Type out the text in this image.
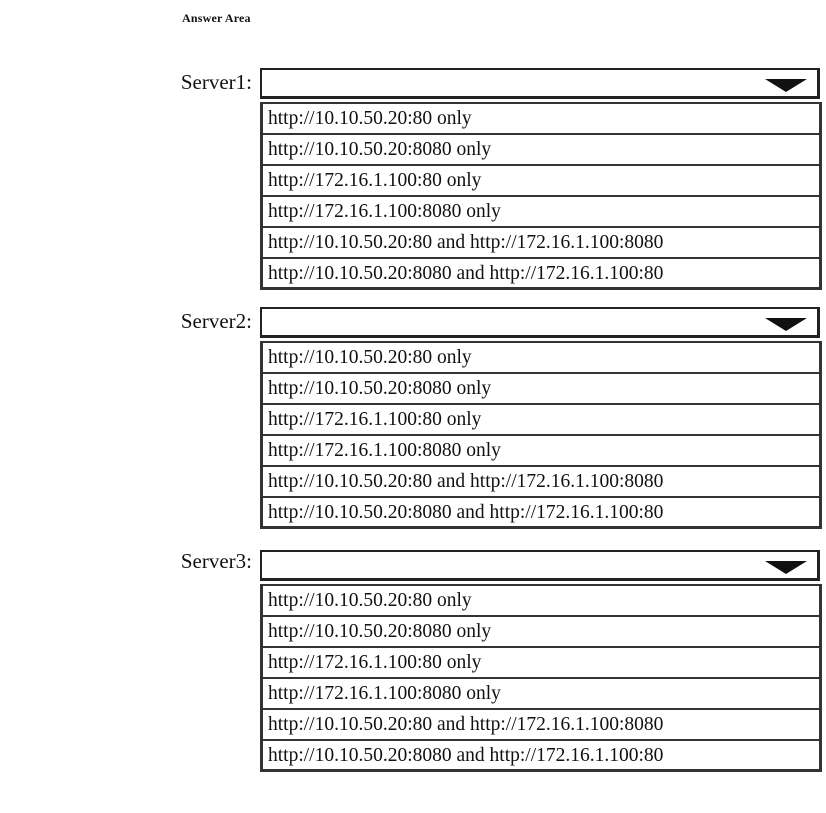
Answer Area
Server1:
http://10.10.50.20:80 only
http://10.10.50.20:8080 only
http://172.16.1.100:80 only
http://172.16.1.100:8080 only
http://10.10.50.20:80 and http://172.16.1.100:8080
http://10.10.50.20:8080 and http://172.16.1.100:80
Server2:
http://10.10.50.20:80 only
http://10.10.50.20:8080 only
http://172.16.1.100:80 only
http://172.16.1.100:8080 only
http://10.10.50.20:80 and http://172.16.1.100:8080
http://10.10.50.20:8080 and http://172.16.1.100:80
Server3:
http://10.10.50.20:80 only
http://10.10.50.20:8080 only
http://172.16.1.100:80 only
http://172.16.1.100:8080 only
http://10.10.50.20:80 and http://172.16.1.100:8080
http://10.10.50.20:8080 and http://172.16.1.100:80
